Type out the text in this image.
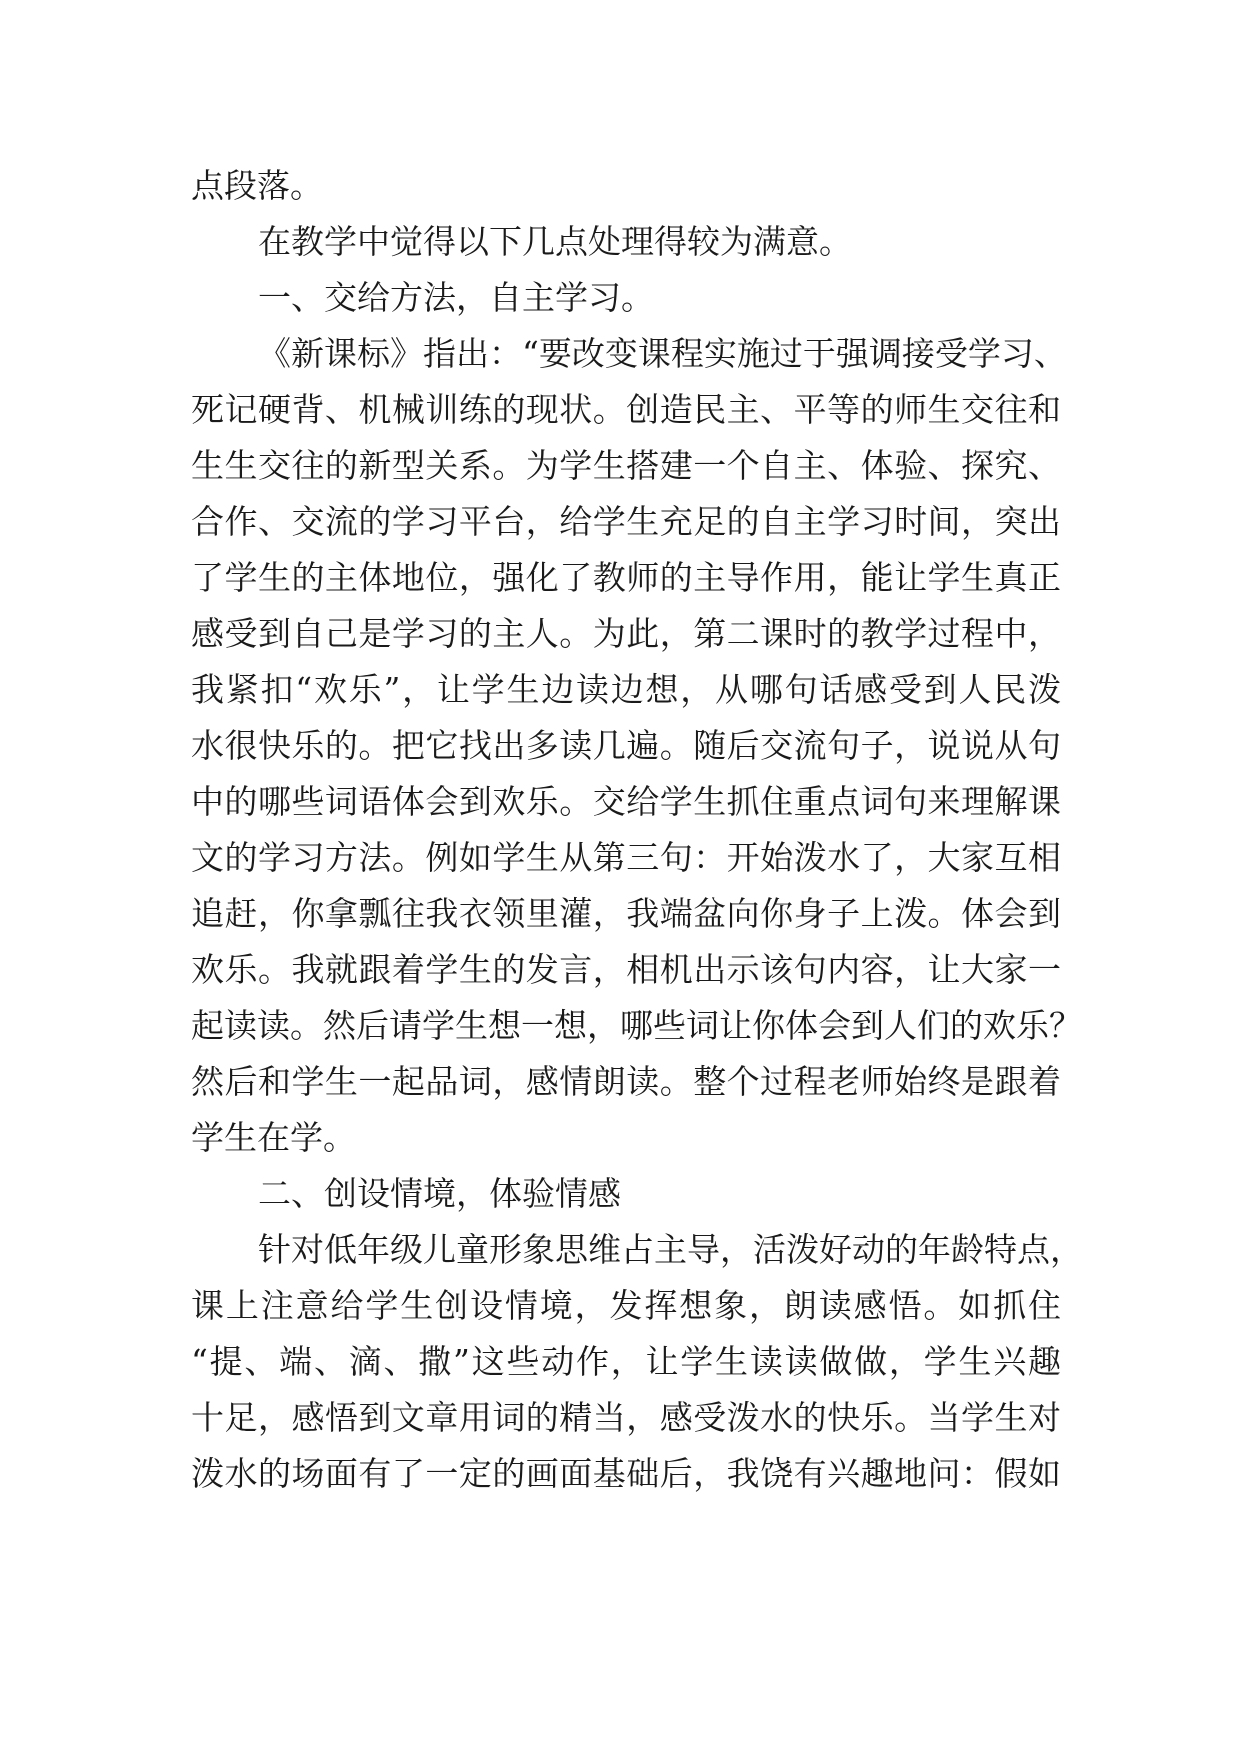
点段落。
在教学中觉得以下几点处理得较为满意。
一、交给方法，自主学习。
《新课标》指出：“要改变课程实施过于强调接受学习、
死记硬背、机械训练的现状。创造民主、平等的师生交往和
生生交往的新型关系。为学生搭建一个自主、体验、探究、
合作、交流的学习平台，给学生充足的自主学习时间，突出
了学生的主体地位，强化了教师的主导作用，能让学生真正
感受到自己是学习的主人。为此，第二课时的教学过程中，
我紧扣“欢乐”，让学生边读边想，从哪句话感受到人民泼
水很快乐的。把它找出多读几遍。随后交流句子，说说从句
中的哪些词语体会到欢乐。交给学生抓住重点词句来理解课
文的学习方法。例如学生从第三句：开始泼水了，大家互相
追赶，你拿瓢往我衣领里灌，我端盆向你身子上泼。体会到
欢乐。我就跟着学生的发言，相机出示该句内容，让大家一
起读读。然后请学生想一想，哪些词让你体会到人们的欢乐？
然后和学生一起品词，感情朗读。整个过程老师始终是跟着
学生在学。
二、创设情境，体验情感
针对低年级儿童形象思维占主导，活泼好动的年龄特点，
课上注意给学生创设情境，发挥想象，朗读感悟。如抓住
“提、端、滴、撒”这些动作，让学生读读做做，学生兴趣
十足，感悟到文章用词的精当，感受泼水的快乐。当学生对
泼水的场面有了一定的画面基础后，我饶有兴趣地问：假如
